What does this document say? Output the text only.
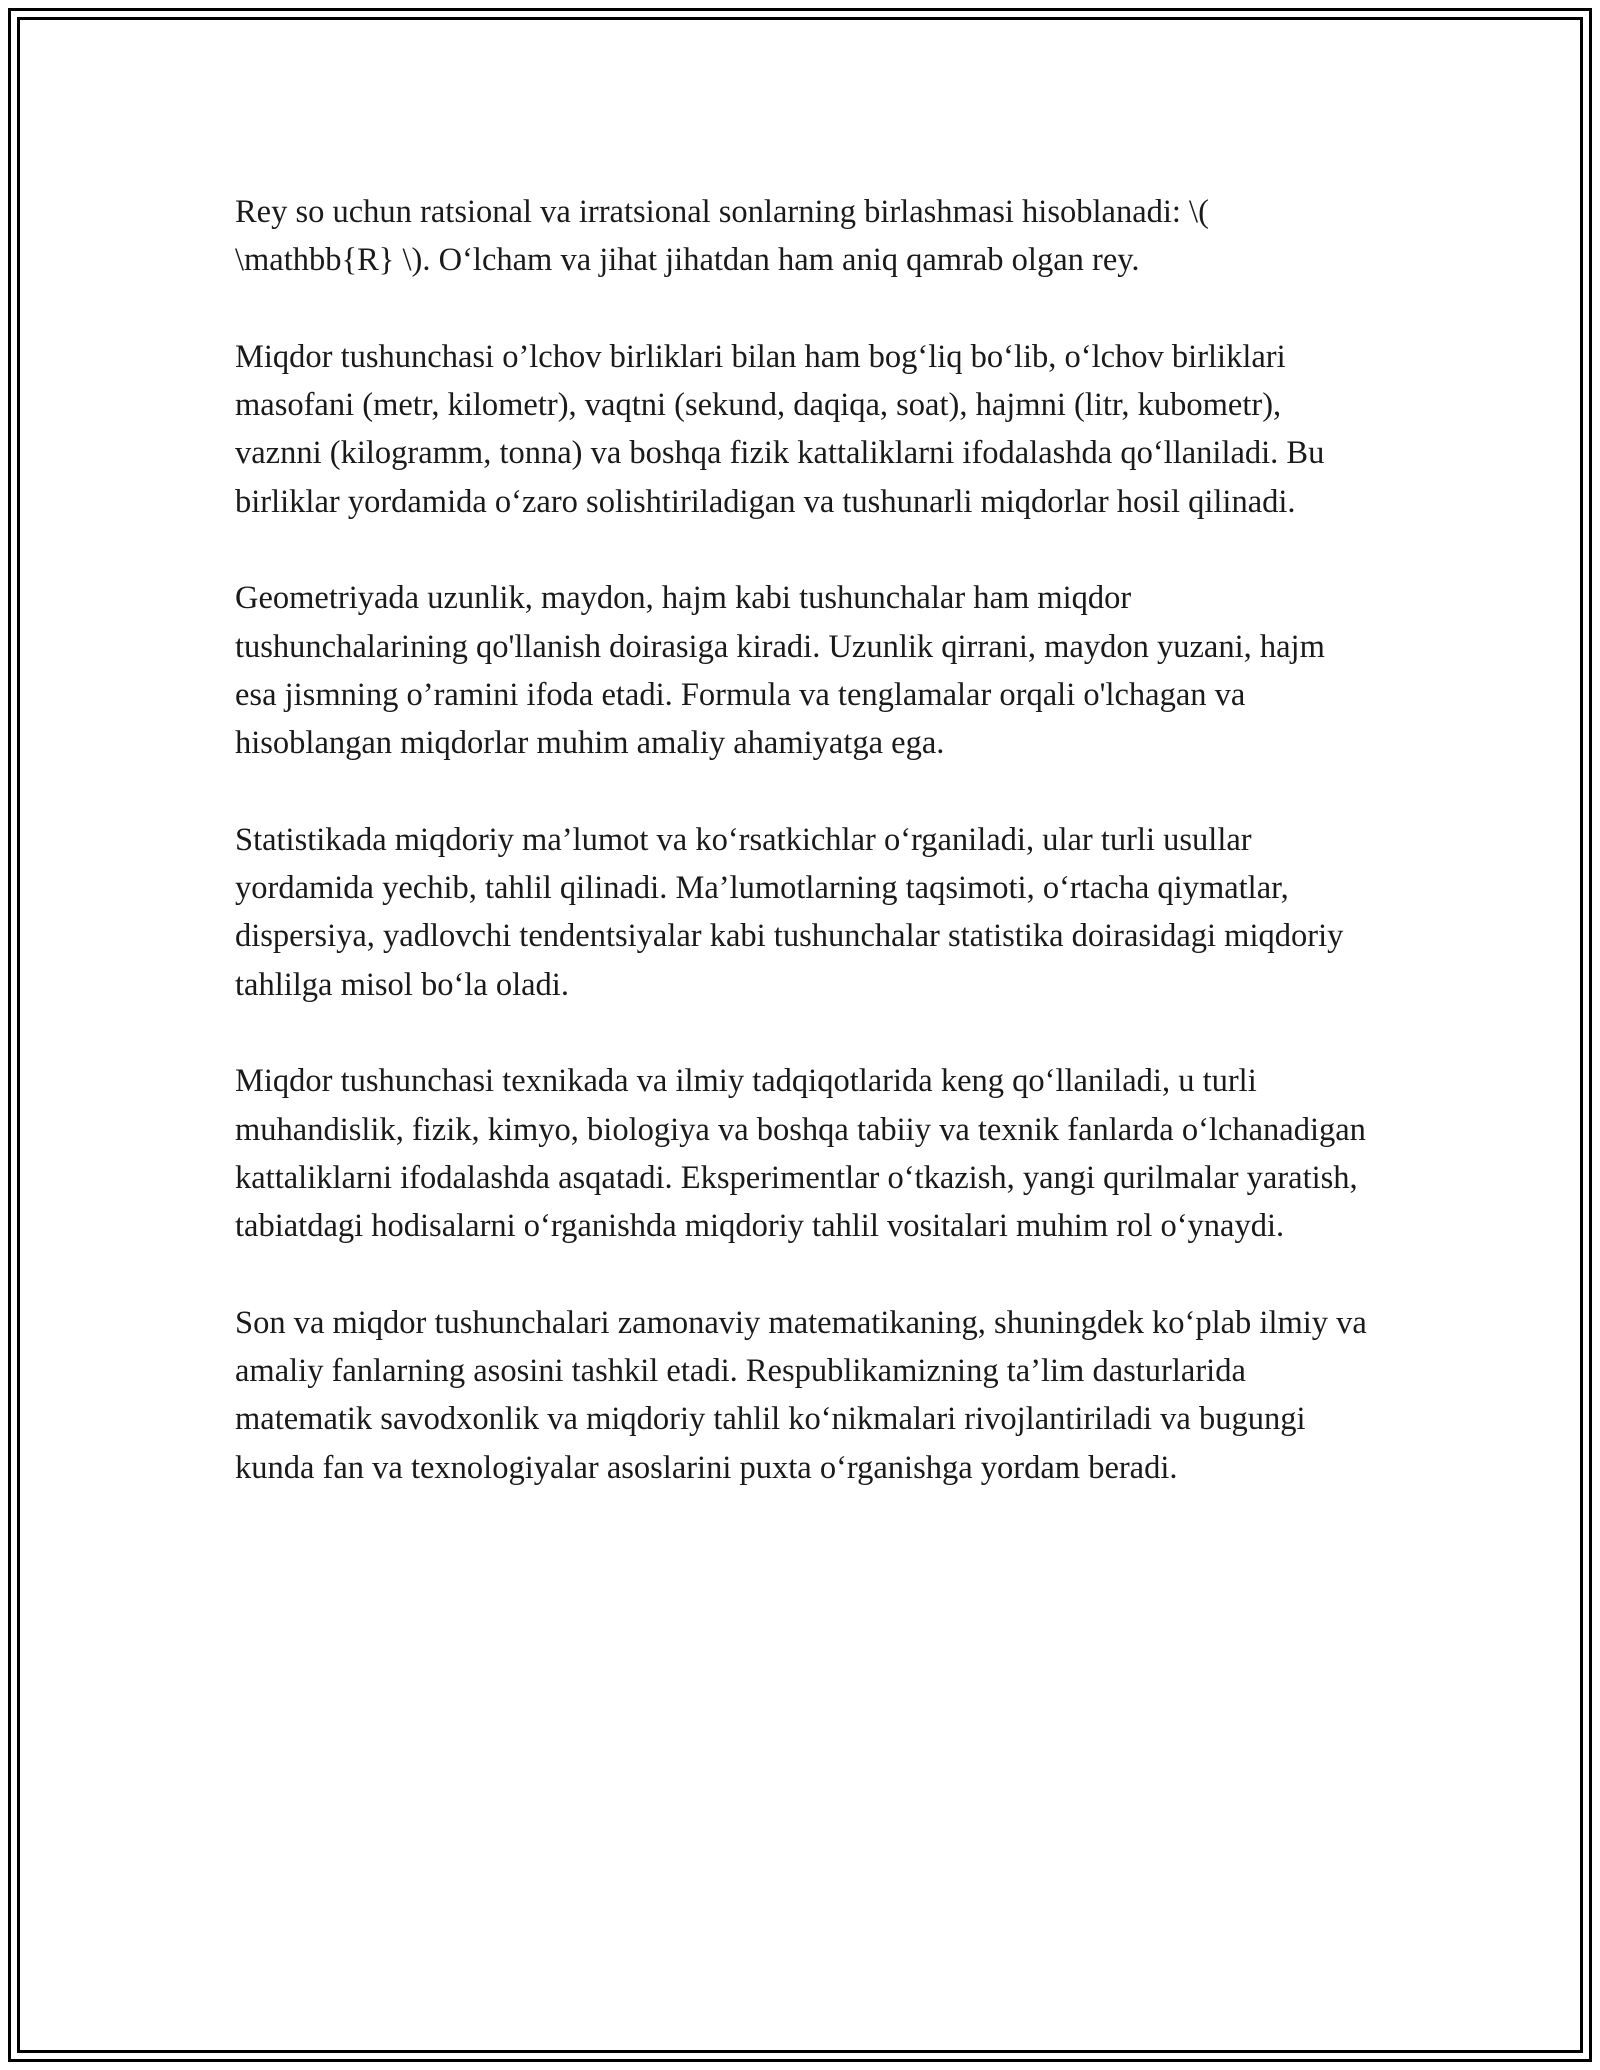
Rey so uchun ratsional va irratsional sonlarning birlashmasi hisoblanadi: \( \mathbb{R} \). O‘lcham va jihat jihatdan ham aniq qamrab olgan rey.

Miqdor tushunchasi o’lchov birliklari bilan ham bog‘liq bo‘lib, o‘lchov birliklari masofani (metr, kilometr), vaqtni (sekund, daqiqa, soat), hajmni (litr, kubometr), vaznni (kilogramm, tonna) va boshqa fizik kattaliklarni ifodalashda qo‘llaniladi. Bu birliklar yordamida o‘zaro solishtiriladigan va tushunarli miqdorlar hosil qilinadi.

Geometriyada uzunlik, maydon, hajm kabi tushunchalar ham miqdor tushunchalarining qo'llanish doirasiga kiradi. Uzunlik qirrani, maydon yuzani, hajm esa jismning o’ramini ifoda etadi. Formula va tenglamalar orqali o'lchagan va hisoblangan miqdorlar muhim amaliy ahamiyatga ega.

Statistikada miqdoriy ma’lumot va ko‘rsatkichlar o‘rganiladi, ular turli usullar yordamida yechib, tahlil qilinadi. Ma’lumotlarning taqsimoti, o‘rtacha qiymatlar, dispersiya, yadlovchi tendentsiyalar kabi tushunchalar statistika doirasidagi miqdoriy tahlilga misol bo‘la oladi.

Miqdor tushunchasi texnikada va ilmiy tadqiqotlarida keng qo‘llaniladi, u turli muhandislik, fizik, kimyo, biologiya va boshqa tabiiy va texnik fanlarda o‘lchanadigan kattaliklarni ifodalashda asqatadi. Eksperimentlar o‘tkazish, yangi qurilmalar yaratish, tabiatdagi hodisalarni o‘rganishda miqdoriy tahlil vositalari muhim rol o‘ynaydi.

Son va miqdor tushunchalari zamonaviy matematikaning, shuningdek ko‘plab ilmiy va amaliy fanlarning asosini tashkil etadi. Respublikamizning ta’lim dasturlarida matematik savodxonlik va miqdoriy tahlil ko‘nikmalari rivojlantiriladi va bugungi kunda fan va texnologiyalar asoslarini puxta o‘rganishga yordam beradi.
